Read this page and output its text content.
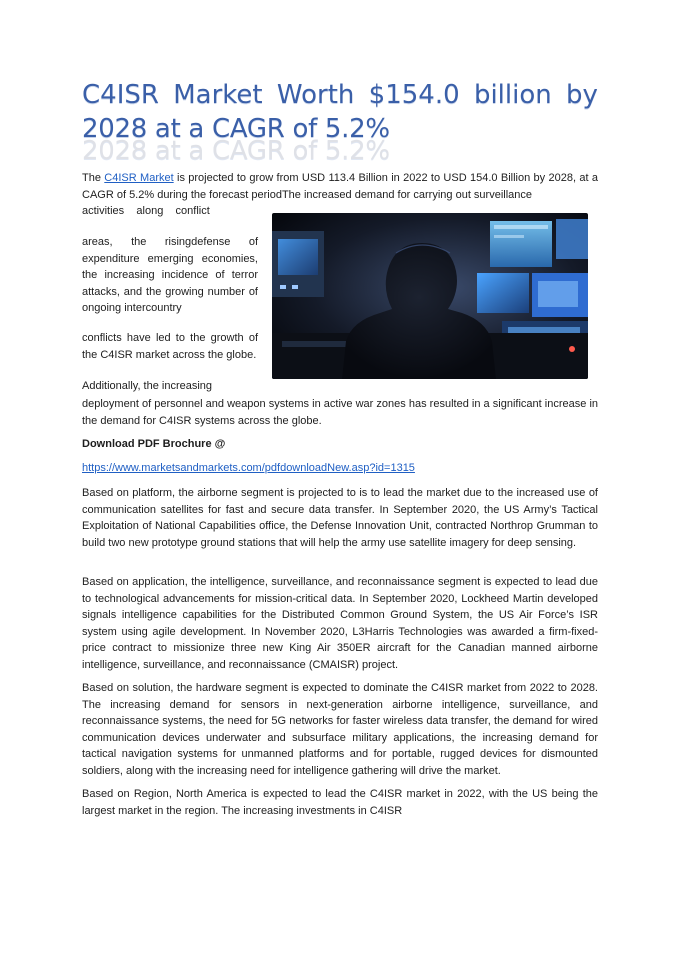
C4ISR Market Worth $154.0 billion by
2028 at a CAGR of 5.2%
2028 at a CAGR of 5.2%

The C4ISR Market is projected to grow from USD 113.4 Billion in 2022 to USD 154.0 Billion by 2028, at a CAGR of 5.2% during the forecast periodThe increased demand for carrying out surveillance

activities    along    conflict

areas, the risingdefense of expenditure emerging economies, the increasing incidence of terror attacks, and the growing number of ongoing intercountry

conflicts have led to the growth of the C4ISR market across the globe.

Additionally, the increasing

deployment of personnel and weapon systems in active war zones has resulted in a significant increase in the demand for C4ISR systems across the globe.

Download PDF Brochure @

https://www.marketsandmarkets.com/pdfdownloadNew.asp?id=1315

Based on platform, the airborne segment is projected to is to lead the market due to the increased use of communication satellites for fast and secure data transfer. In September 2020, the US Army’s Tactical Exploitation of National Capabilities office, the Defense Innovation Unit, contracted Northrop Grumman to build two new prototype ground stations that will help the army use satellite imagery for deep sensing.

Based on application, the intelligence, surveillance, and reconnaissance segment is expected to lead due to technological advancements for mission-critical data. In September 2020, Lockheed Martin developed signals intelligence capabilities for the Distributed Common Ground System, the US Air Force’s ISR system using agile development. In November 2020, L3Harris Technologies was awarded a firm-fixed- price contract to missionize three new King Air 350ER aircraft for the Canadian manned airborne intelligence, surveillance, and reconnaissance (CMAISR) project.

Based on solution, the hardware segment is expected to dominate the C4ISR market from 2022 to 2028. The increasing demand for sensors in next-generation airborne intelligence, surveillance, and reconnaissance systems, the need for 5G networks for faster wireless data transfer, the demand for wired communication devices underwater and subsurface military applications, the increasing demand for tactical navigation systems for unmanned platforms and for portable, rugged devices for dismounted soldiers, along with the increasing need for intelligence gathering will drive the market.

Based on Region, North America is expected to lead the C4ISR market in 2022, with the US being the largest market in the region. The increasing investments in C4ISR
